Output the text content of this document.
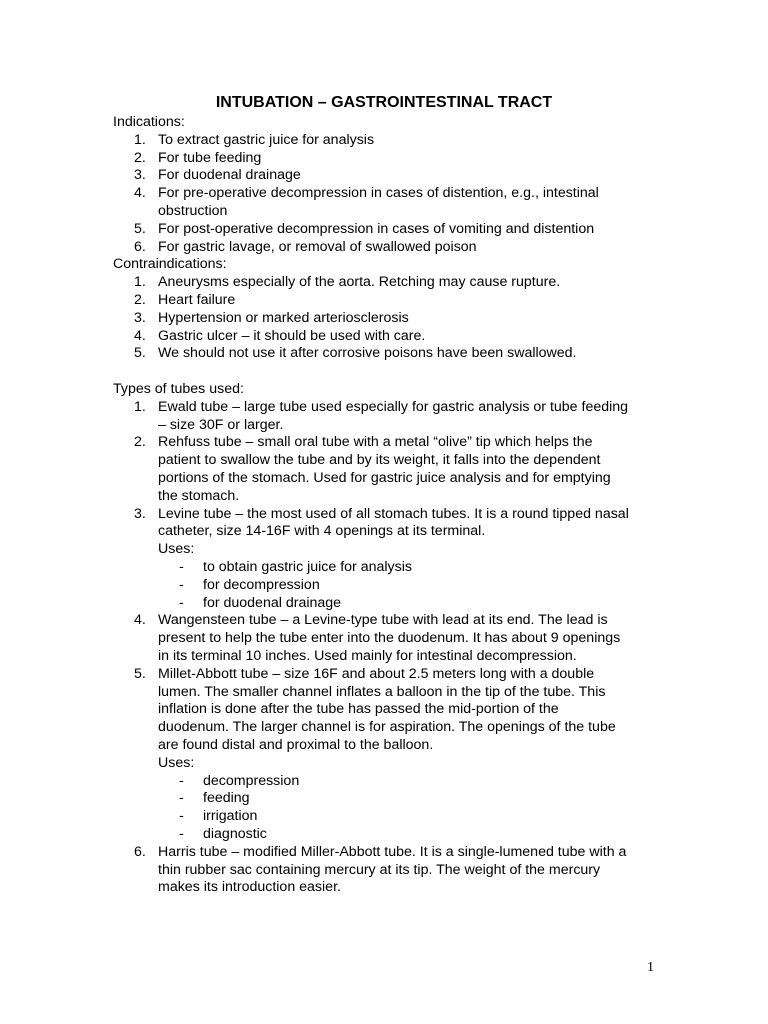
INTUBATION – GASTROINTESTINAL TRACT
Indications:
1. To extract gastric juice for analysis
2. For tube feeding
3. For duodenal drainage
4. For pre-operative decompression in cases of distention, e.g., intestinal obstruction
5. For post-operative decompression in cases of vomiting and distention
6. For gastric lavage, or removal of swallowed poison
Contraindications:
1. Aneurysms especially of the aorta. Retching may cause rupture.
2. Heart failure
3. Hypertension or marked arteriosclerosis
4. Gastric ulcer – it should be used with care.
5. We should not use it after corrosive poisons have been swallowed.
Types of tubes used:
1. Ewald tube – large tube used especially for gastric analysis or tube feeding – size 30F or larger.
2. Rehfuss tube – small oral tube with a metal “olive” tip which helps the patient to swallow the tube and by its weight, it falls into the dependent portions of the stomach. Used for gastric juice analysis and for emptying the stomach.
3. Levine tube – the most used of all stomach tubes. It is a round tipped nasal catheter, size 14-16F with 4 openings at its terminal.
Uses:
- to obtain gastric juice for analysis
- for decompression
- for duodenal drainage
4. Wangensteen tube – a Levine-type tube with lead at its end. The lead is present to help the tube enter into the duodenum. It has about 9 openings in its terminal 10 inches. Used mainly for intestinal decompression.
5. Millet-Abbott tube – size 16F and about 2.5 meters long with a double lumen. The smaller channel inflates a balloon in the tip of the tube. This inflation is done after the tube has passed the mid-portion of the duodenum. The larger channel is for aspiration. The openings of the tube are found distal and proximal to the balloon.
Uses:
- decompression
- feeding
- irrigation
- diagnostic
6. Harris tube – modified Miller-Abbott tube. It is a single-lumened tube with a thin rubber sac containing mercury at its tip. The weight of the mercury makes its introduction easier.
1
